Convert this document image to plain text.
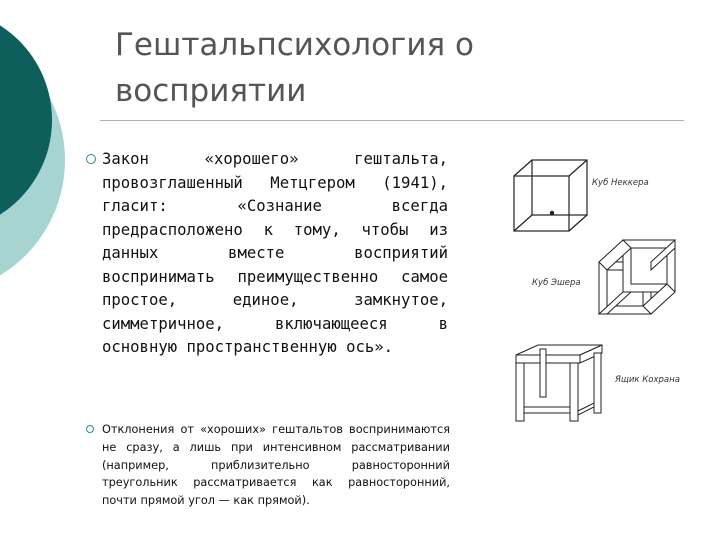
Гештальпсихология о восприятии
Закон «хорошего» гештальта, провозглашенный Метцгером (1941), гласит: «Сознание всегда предрасположено к тому, чтобы из данных вместе восприятий воспринимать преимущественно самое простое, единое, замкнутое, симметричное, включающееся в основную пространственную ось».
Отклонения от «хороших» гештальтов воспринимаются не сразу, а лишь при интенсивном рассматривании (например, приблизительно равносторонний треугольник рассматривается как равносторонний, почти прямой угол — как прямой).
Куб Неккера
Куб Эшера
Ящик Кохрана
